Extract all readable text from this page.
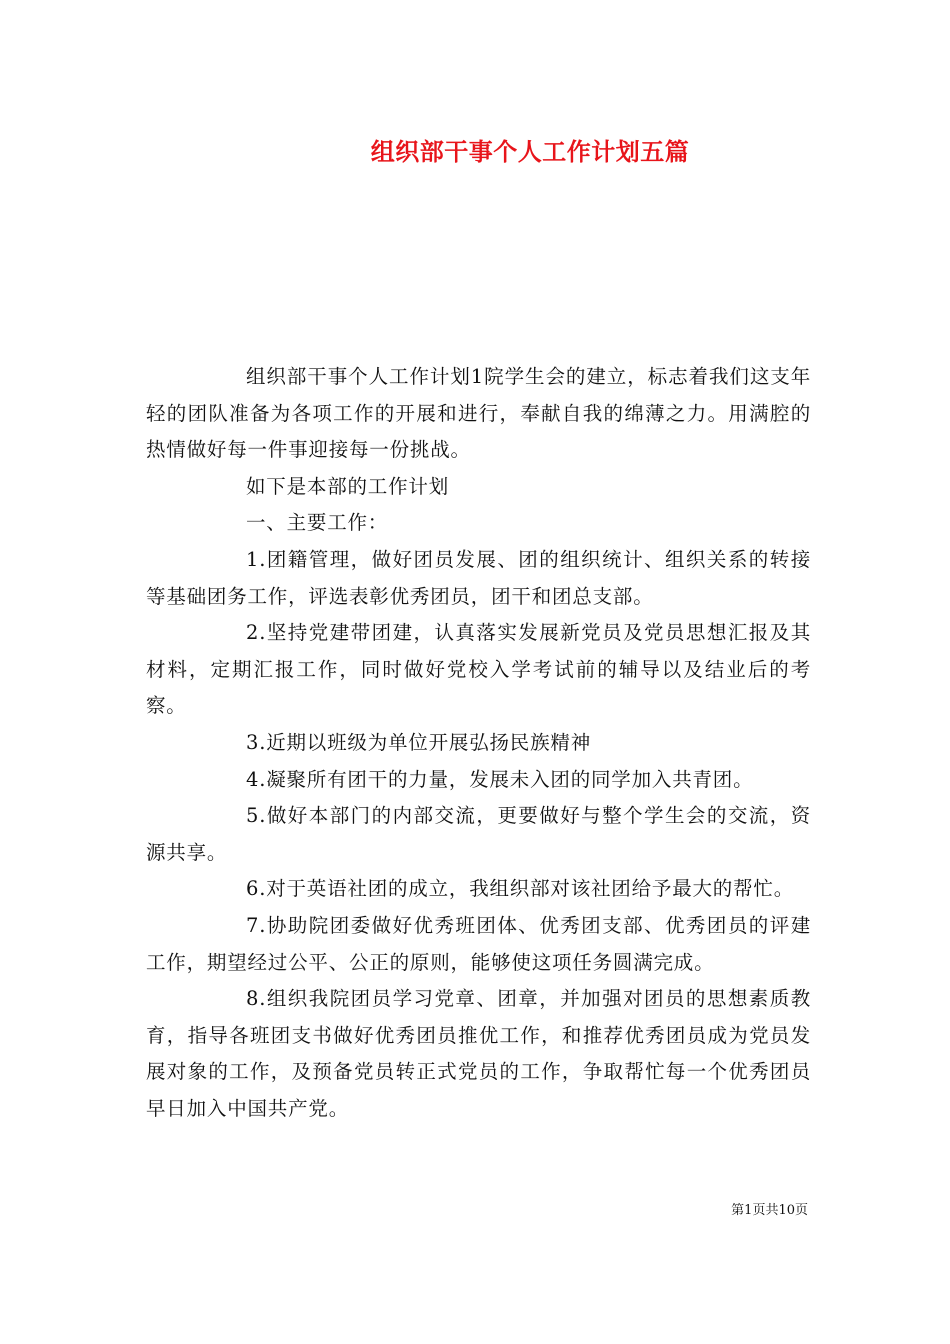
组织部干事个人工作计划五篇

组织部干事个人工作计划1院学生会的建立，标志着我们这支年轻的团队准备为各项工作的开展和进行，奉献自我的绵薄之力。用满腔的热情做好每一件事迎接每一份挑战。

如下是本部的工作计划

一、主要工作：

1.团籍管理，做好团员发展、团的组织统计、组织关系的转接等基础团务工作，评选表彰优秀团员，团干和团总支部。

2.坚持党建带团建，认真落实发展新党员及党员思想汇报及其材料，定期汇报工作，同时做好党校入学考试前的辅导以及结业后的考察。

3.近期以班级为单位开展弘扬民族精神

4.凝聚所有团干的力量，发展未入团的同学加入共青团。

5.做好本部门的内部交流，更要做好与整个学生会的交流，资源共享。

6.对于英语社团的成立，我组织部对该社团给予最大的帮忙。

7.协助院团委做好优秀班团体、优秀团支部、优秀团员的评建工作，期望经过公平、公正的原则，能够使这项任务圆满完成。

8.组织我院团员学习党章、团章，并加强对团员的思想素质教育，指导各班团支书做好优秀团员推优工作，和推荐优秀团员成为党员发展对象的工作，及预备党员转正式党员的工作，争取帮忙每一个优秀团员早日加入中国共产党。

第1页共10页
